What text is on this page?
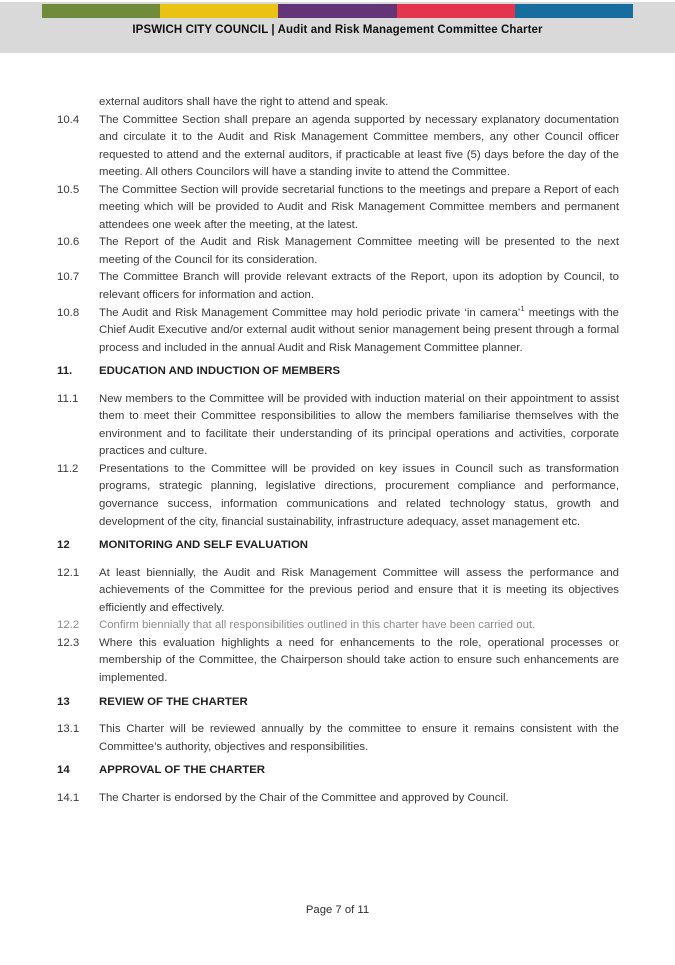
IPSWICH CITY COUNCIL | Audit and Risk Management Committee Charter

external auditors shall have the right to attend and speak.

10.4	The Committee Section shall prepare an agenda supported by necessary explanatory documentation and circulate it to the Audit and Risk Management Committee members, any other Council officer requested to attend and the external auditors, if practicable at least five (5) days before the day of the meeting. All others Councilors will have a standing invite to attend the Committee.

10.5	The Committee Section will provide secretarial functions to the meetings and prepare a Report of each meeting which will be provided to Audit and Risk Management Committee members and permanent attendees one week after the meeting, at the latest.

10.6	The Report of the Audit and Risk Management Committee meeting will be presented to the next meeting of the Council for its consideration.

10.7	The Committee Branch will provide relevant extracts of the Report, upon its adoption by Council, to relevant officers for information and action.

10.8	The Audit and Risk Management Committee may hold periodic private ‘in camera’$^1$ meetings with the Chief Audit Executive and/or external audit without senior management being present through a formal process and included in the annual Audit and Risk Management Committee planner.

11.	EDUCATION AND INDUCTION OF MEMBERS

11.1	New members to the Committee will be provided with induction material on their appointment to assist them to meet their Committee responsibilities to allow the members familiarise themselves with the environment and to facilitate their understanding of its principal operations and activities, corporate practices and culture.

11.2	Presentations to the Committee will be provided on key issues in Council such as transformation programs, strategic planning, legislative directions, procurement compliance and performance, governance success, information communications and related technology status, growth and development of the city, financial sustainability, infrastructure adequacy, asset management etc.

12	MONITORING AND SELF EVALUATION

12.1	At least biennially, the Audit and Risk Management Committee will assess the performance and achievements of the Committee for the previous period and ensure that it is meeting its objectives efficiently and effectively.

12.2	Confirm biennially that all responsibilities outlined in this charter have been carried out.

12.3	Where this evaluation highlights a need for enhancements to the role, operational processes or membership of the Committee, the Chairperson should take action to ensure such enhancements are implemented.

13	REVIEW OF THE CHARTER

13.1	This Charter will be reviewed annually by the committee to ensure it remains consistent with the Committee’s authority, objectives and responsibilities.

14	APPROVAL OF THE CHARTER

14.1	The Charter is endorsed by the Chair of the Committee and approved by Council.

Page 7 of 11
